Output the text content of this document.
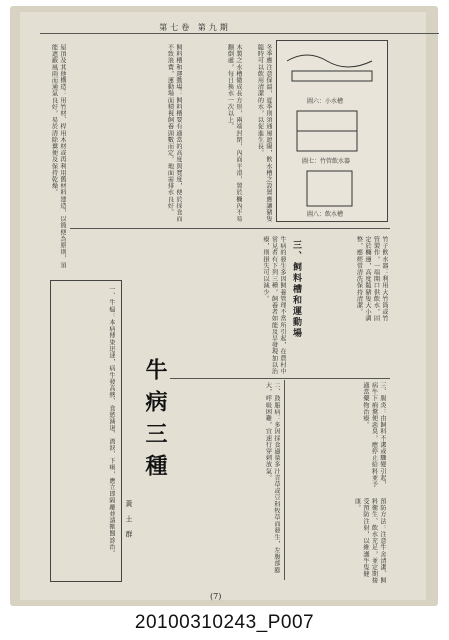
第七卷 第九期
圖六：小水槽
圖七：竹管飲水器
圖八：飲水槽
冬季應注意保溫，夏季則須通風遮陽，飲水槽之設置應讓豬隻隨時可以飲用清潔的水，以促進生長。
木製之水槽做成長方形，兩端封閉，內面平滑，置於欄內不易翻倒處，每日換水一次以上。
飼料槽和運動場：飼料槽要有適當的高度與寬度，便於採食而不致浪費，運動場面積視飼養頭數而定，地面需排水良好。
屋頂及其他構造：用竹材、桿用木材或再利用舊材料建造，以簡便為原則，須能遮蔽風雨而通氣良好，易於清除糞便及保持乾燥。
三、飼料槽和運動場	竹子飲水器：利用大竹筒或竹管製作，一端開口供飲水，固定於欄邊，高度隨豬隻大小調整，應經常清洗保持清潔。
牛病的發生多因飼養管理不當所引起，在農村中常見者有下列三種，飼養者如能及早發現加以治療，則損失可以減少。
一、牛瘟：本病傳染迅速，病牛發高熱、食慾減退、流淚、下痢，應立即隔離並請獸醫診治。 牛病三種
黃 土 群	二、鼓脹病：多因採食過量多汁青草或豆科牧草而發生，左腹部膨大，呼吸困難，宜速行穿刺放氣。	三、腸炎：由飼料不潔或驟變引起，病牛下痢糞便惡臭，應停止給料並予適當藥物治療。
預防方法：注意牛舍清潔、飼料衛生、飲水充足，並定期接受預防注射，以維護牛隻健康。
(7)
20100310243_P007
